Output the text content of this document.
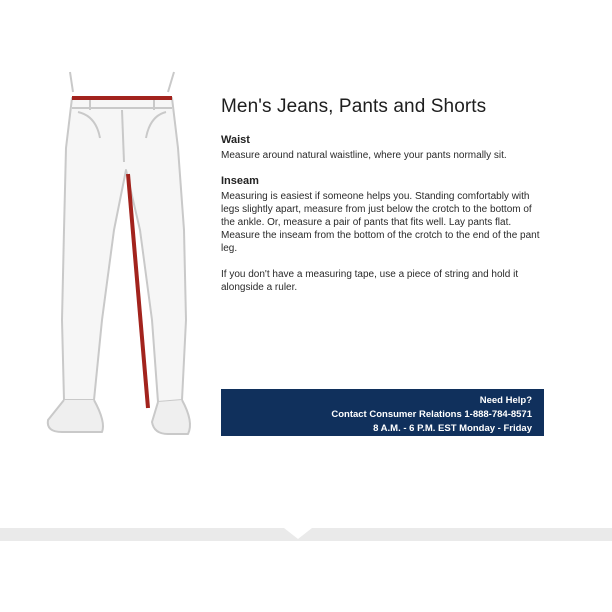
Men's Jeans, Pants and Shorts
Waist

Measure around natural waistline, where your pants normally sit.

Inseam

Measuring is easiest if someone helps you. Standing comfortably with legs slightly apart, measure from just below the crotch to the bottom of the ankle. Or, measure a pair of pants that fits well. Lay pants flat. Measure the inseam from the bottom of the crotch to the end of the pant leg.

If you don't have a measuring tape, use a piece of string and hold it alongside a ruler.

Need Help?
Contact Consumer Relations 1-888-784-8571
8 A.M. - 6 P.M. EST Monday - Friday
